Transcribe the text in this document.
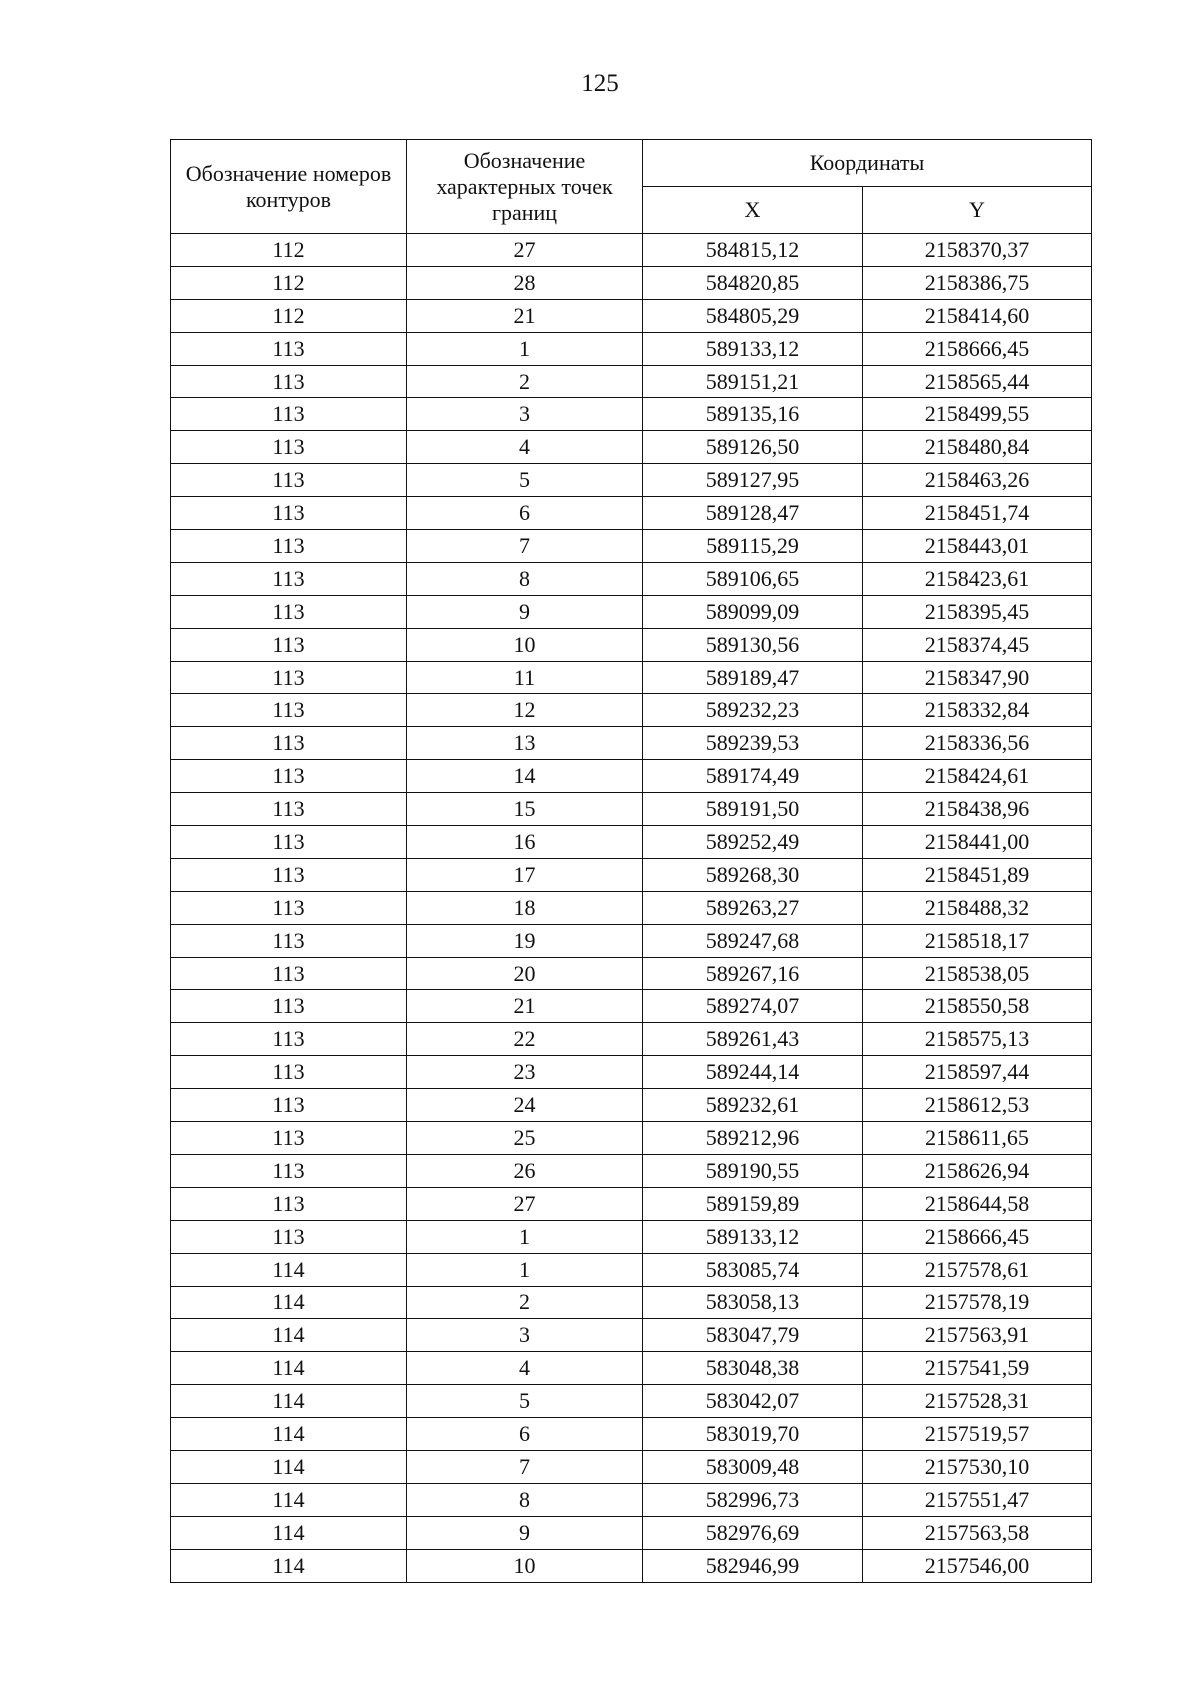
125
Обозначение номеров контуров	Обозначение характерных точек границ	Координаты	
		X	Y
112	27	584815,12	2158370,37
112	28	584820,85	2158386,75
112	21	584805,29	2158414,60
113	1	589133,12	2158666,45
113	2	589151,21	2158565,44
113	3	589135,16	2158499,55
113	4	589126,50	2158480,84
113	5	589127,95	2158463,26
113	6	589128,47	2158451,74
113	7	589115,29	2158443,01
113	8	589106,65	2158423,61
113	9	589099,09	2158395,45
113	10	589130,56	2158374,45
113	11	589189,47	2158347,90
113	12	589232,23	2158332,84
113	13	589239,53	2158336,56
113	14	589174,49	2158424,61
113	15	589191,50	2158438,96
113	16	589252,49	2158441,00
113	17	589268,30	2158451,89
113	18	589263,27	2158488,32
113	19	589247,68	2158518,17
113	20	589267,16	2158538,05
113	21	589274,07	2158550,58
113	22	589261,43	2158575,13
113	23	589244,14	2158597,44
113	24	589232,61	2158612,53
113	25	589212,96	2158611,65
113	26	589190,55	2158626,94
113	27	589159,89	2158644,58
113	1	589133,12	2158666,45
114	1	583085,74	2157578,61
114	2	583058,13	2157578,19
114	3	583047,79	2157563,91
114	4	583048,38	2157541,59
114	5	583042,07	2157528,31
114	6	583019,70	2157519,57
114	7	583009,48	2157530,10
114	8	582996,73	2157551,47
114	9	582976,69	2157563,58
114	10	582946,99	2157546,00
